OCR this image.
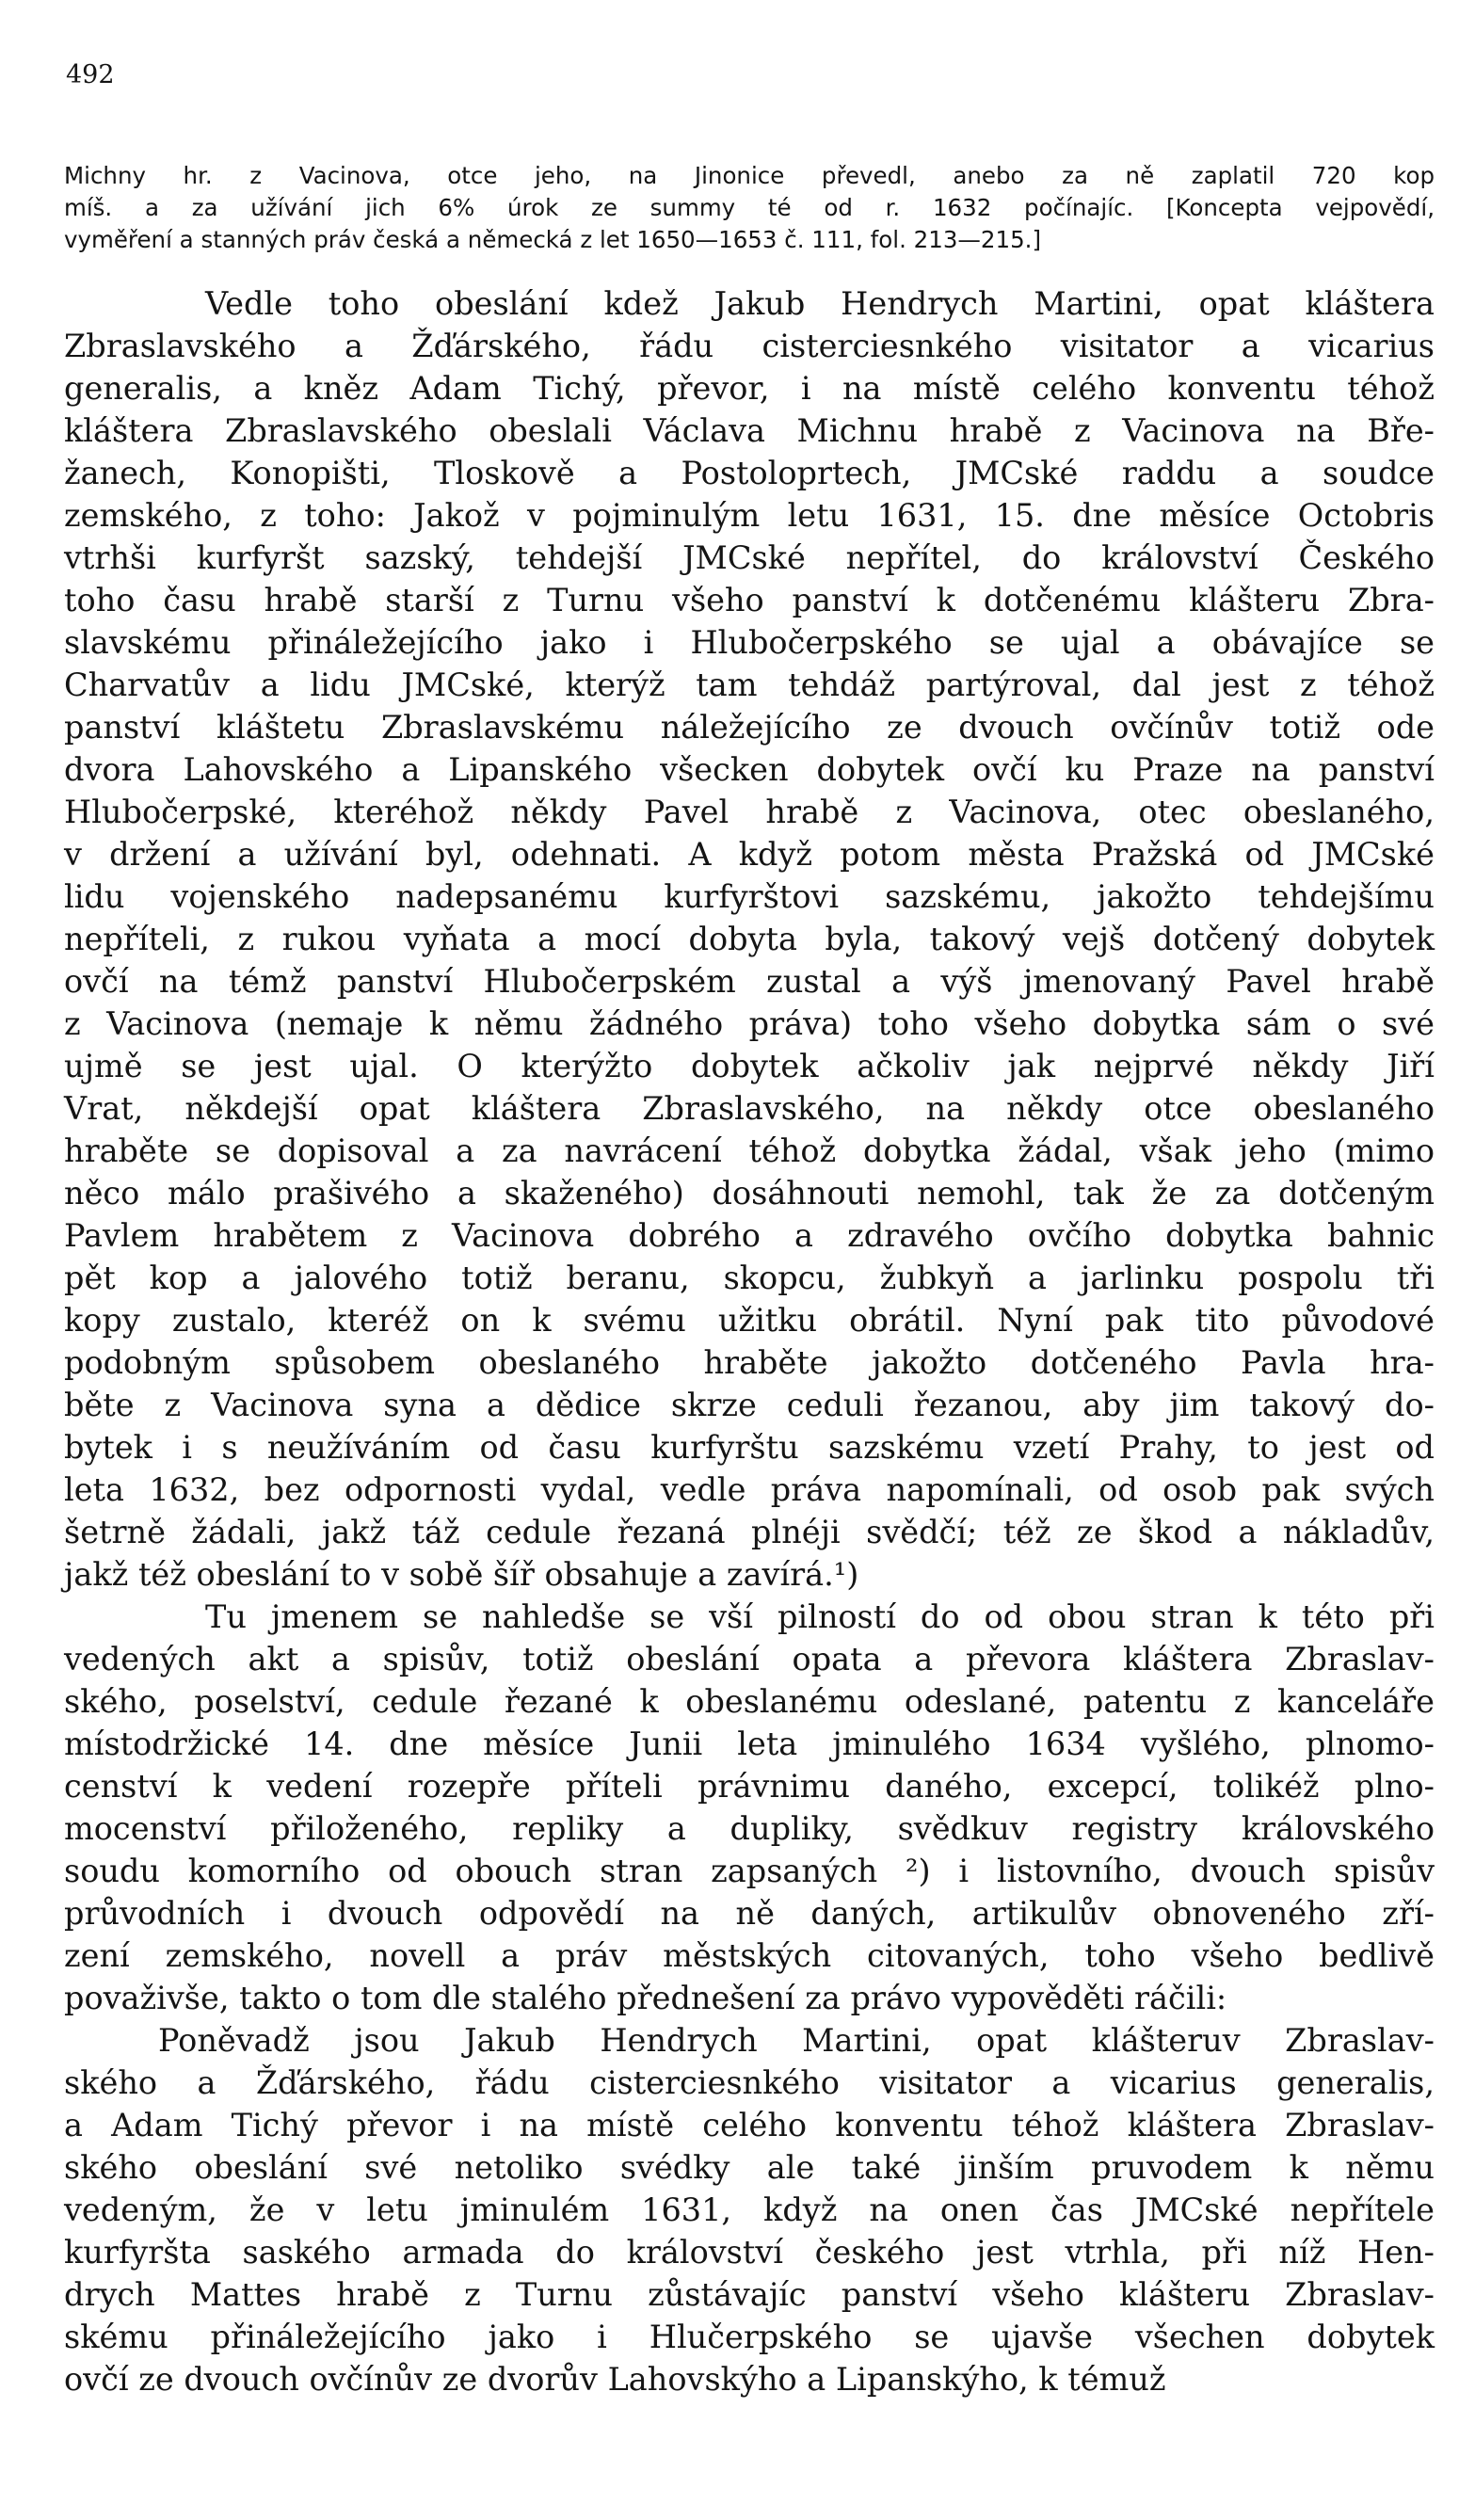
492
Michny hr. z Vacinova, otce jeho, na Jinonice převedl, anebo za ně zaplatil 720 kop
míš. a za užívání jich 6% úrok ze summy té od r. 1632 počínajíc. [Koncepta vejpovědí,
vyměření a stanných práv česká a německá z let 1650—1653 č. 111, fol. 213—215.]
Vedle toho obeslání kdež Jakub Hendrych Martini, opat kláštera
Zbraslavského a Žďárského, řádu cisterciesnkého visitator a vicarius
generalis, a kněz Adam Tichý, převor, i na místě celého konventu téhož
kláštera Zbraslavského obeslali Václava Michnu hrabě z Vacinova na Bře-
žanech, Konopišti, Tloskově a Postoloprtech, JMCské raddu a soudce
zemského, z toho: Jakož v pojminulým letu 1631, 15. dne měsíce Octobris
vtrhši kurfyršt sazský, tehdejší JMCské nepřítel, do království Českého
toho času hrabě starší z Turnu všeho panství k dotčenému klášteru Zbra-
slavskému přináležejícího jako i Hlubočerpského se ujal a obávajíce se
Charvatův a lidu JMCské, kterýž tam tehdáž partýroval, dal jest z téhož
panství kláštetu Zbraslavskému náležejícího ze dvouch ovčínův totiž ode
dvora Lahovského a Lipanského všecken dobytek ovčí ku Praze na panství
Hlubočerpské, kteréhož někdy Pavel hrabě z Vacinova, otec obeslaného,
v držení a užívání byl, odehnati. A když potom města Pražská od JMCské
lidu vojenského nadepsanému kurfyrštovi sazskému, jakožto tehdejšímu
nepříteli, z rukou vyňata a mocí dobyta byla, takový vejš dotčený dobytek
ovčí na témž panství Hlubočerpském zustal a výš jmenovaný Pavel hrabě
z Vacinova (nemaje k němu žádného práva) toho všeho dobytka sám o své
ujmě se jest ujal. O kterýžto dobytek ačkoliv jak nejprvé někdy Jiří
Vrat, někdejší opat kláštera Zbraslavského, na někdy otce obeslaného
hraběte se dopisoval a za navrácení téhož dobytka žádal, však jeho (mimo
něco málo prašivého a skaženého) dosáhnouti nemohl, tak že za dotčeným
Pavlem hrabětem z Vacinova dobrého a zdravého ovčího dobytka bahnic
pět kop a jalového totiž beranu, skopcu, žubkyň a jarlinku pospolu tři
kopy zustalo, kteréž on k svému užitku obrátil. Nyní pak tito původové
podobným spůsobem obeslaného hraběte jakožto dotčeného Pavla hra-
běte z Vacinova syna a dědice skrze ceduli řezanou, aby jim takový do-
bytek i s neužíváním od času kurfyrštu sazskému vzetí Prahy, to jest od
leta 1632, bez odpornosti vydal, vedle práva napomínali, od osob pak svých
šetrně žádali, jakž táž cedule řezaná plnéji svědčí; též ze škod a nákladův,
jakž též obeslání to v sobě šíř obsahuje a zavírá.¹)
Tu jmenem se nahledše se vší pilností do od obou stran k této při
vedených akt a spisův, totiž obeslání opata a převora kláštera Zbraslav-
ského, poselství, cedule řezané k obeslanému odeslané, patentu z kanceláře
místodržické 14. dne měsíce Junii leta jminulého 1634 vyšlého, plnomo-
cenství k vedení rozepře příteli právnimu daného, excepcí, tolikéž plno-
mocenství přiloženého, repliky a dupliky, svědkuv registry královského
soudu komorního od obouch stran zapsaných ²) i listovního, dvouch spisův
průvodních i dvouch odpovědí na ně daných, artikulův obnoveného zří-
zení zemského, novell a práv městských citovaných, toho všeho bedlivě
považivše, takto o tom dle stalého přednešení za právo vypověděti ráčili:
Poněvadž jsou Jakub Hendrych Martini, opat klášteruv Zbraslav-
ského a Žďárského, řádu cisterciesnkého visitator a vicarius generalis,
a Adam Tichý převor i na místě celého konventu téhož kláštera Zbraslav-
ského obeslání své netoliko svédky ale také jinším pruvodem k němu
vedeným, že v letu jminulém 1631, když na onen čas JMCské nepřítele
kurfyršta saského armada do království českého jest vtrhla, při níž Hen-
drych Mattes hrabě z Turnu zůstávajíc panství všeho klášteru Zbraslav-
skému přináležejícího jako i Hlučerpského se ujavše všechen dobytek
ovčí ze dvouch ovčínův ze dvorův Lahovskýho a Lipanskýho, k témuž
